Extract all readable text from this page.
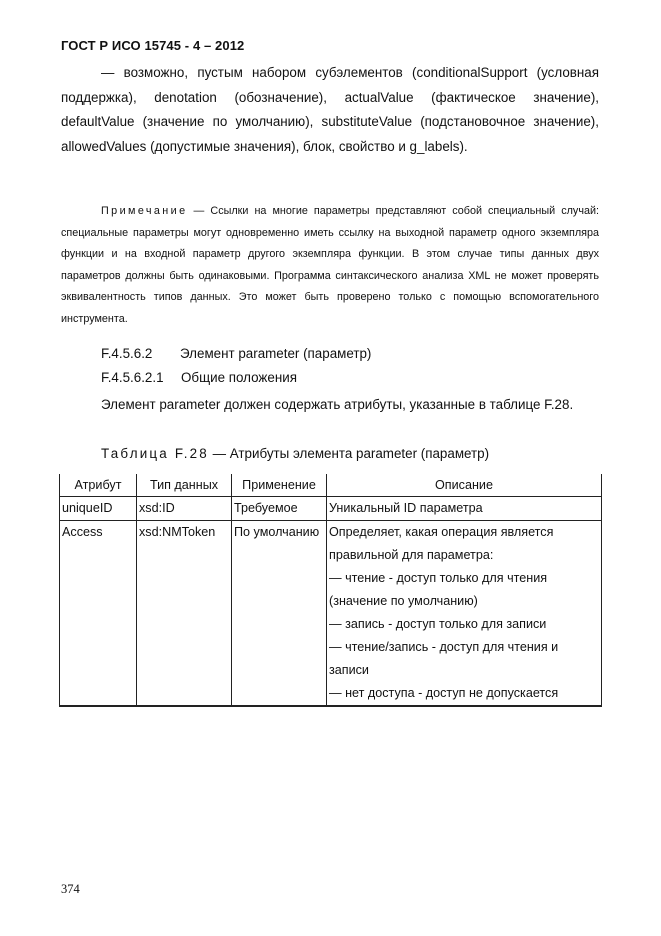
ГОСТ Р ИСО 15745 - 4 – 2012
— возможно, пустым набором субэлементов (conditionalSupport (условная поддержка), denotation (обозначение), actualValue (фактическое значение), defaultValue (значение по умолчанию), substituteValue (подстановочное значение), allowedValues (допустимые значения), блок, свойство и g_labels).
Примечание — Ссылки на многие параметры представляют собой специальный случай: специальные параметры могут одновременно иметь ссылку на выходной параметр одного экземпляра функции и на входной параметр другого экземпляра функции. В этом случае типы данных двух параметров должны быть одинаковыми. Программа синтаксического анализа XML не может проверять эквивалентность типов данных. Это может быть проверено только с помощью вспомогательного инструмента.
F.4.5.6.2 Элемент parameter (параметр)
F.4.5.6.2.1 Общие положения
Элемент parameter должен содержать атрибуты, указанные в таблице F.28.
Таблица F.28 — Атрибуты элемента parameter (параметр)
Атрибут	Тип данных	Применение	Описание
uniqueID	xsd:ID	Требуемое	Уникальный ID параметра

Access	xsd:NMToken	По умолчанию	Определяет, какая операция является правильной для параметра:
— чтение - доступ только для чтения (значение по умолчанию)
— запись - доступ только для записи
— чтение/запись - доступ для чтения и записи
— нет доступа - доступ не допускается
374
